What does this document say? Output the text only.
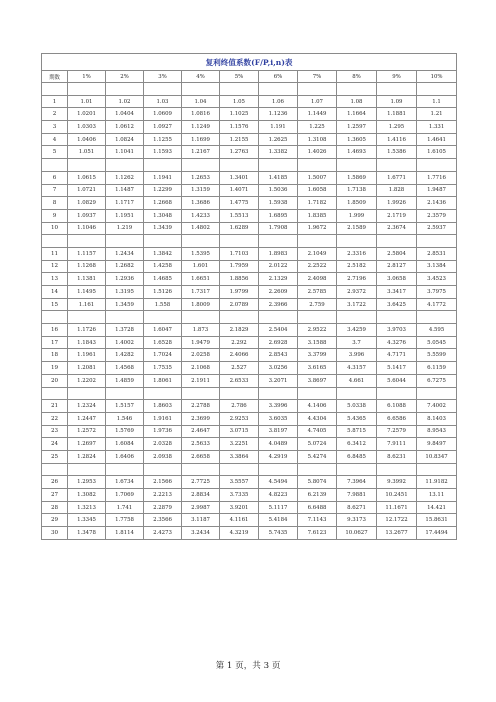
复利终值系数(F/P,i,n)表										
期数	1%	2%	3%	4%	5%	6%	7%	8%	9%	10%

1	1.01	1.02	1.03	1.04	1.05	1.06	1.07	1.08	1.09	1.1
2	1.0201	1.0404	1.0609	1.0816	1.1025	1.1236	1.1449	1.1664	1.1881	1.21
3	1.0303	1.0612	1.0927	1.1249	1.1576	1.191	1.225	1.2597	1.295	1.331
4	1.0406	1.0824	1.1255	1.1699	1.2155	1.2625	1.3108	1.3605	1.4116	1.4641
5	1.051	1.1041	1.1593	1.2167	1.2763	1.3382	1.4026	1.4693	1.5386	1.6105

6	1.0615	1.1262	1.1941	1.2653	1.3401	1.4185	1.5007	1.5869	1.6771	1.7716
7	1.0721	1.1487	1.2299	1.3159	1.4071	1.5036	1.6058	1.7138	1.828	1.9487
8	1.0829	1.1717	1.2668	1.3686	1.4775	1.5938	1.7182	1.8509	1.9926	2.1436
9	1.0937	1.1951	1.3048	1.4233	1.5513	1.6895	1.8385	1.999	2.1719	2.3579
10	1.1046	1.219	1.3439	1.4802	1.6289	1.7908	1.9672	2.1589	2.3674	2.5937

11	1.1157	1.2434	1.3842	1.5395	1.7103	1.8983	2.1049	2.3316	2.5804	2.8531
12	1.1268	1.2682	1.4258	1.601	1.7959	2.0122	2.2522	2.5182	2.8127	3.1384
13	1.1381	1.2936	1.4685	1.6651	1.8856	2.1329	2.4098	2.7196	3.0658	3.4523
14	1.1495	1.3195	1.5126	1.7317	1.9799	2.2609	2.5785	2.9372	3.3417	3.7975
15	1.161	1.3459	1.558	1.8009	2.0789	2.3966	2.759	3.1722	3.6425	4.1772

16	1.1726	1.3728	1.6047	1.873	2.1829	2.5404	2.9522	3.4259	3.9703	4.595
17	1.1843	1.4002	1.6528	1.9479	2.292	2.6928	3.1588	3.7	4.3276	5.0545
18	1.1961	1.4282	1.7024	2.0258	2.4066	2.8543	3.3799	3.996	4.7171	5.5599
19	1.2081	1.4568	1.7535	2.1068	2.527	3.0256	3.6165	4.3157	5.1417	6.1159
20	1.2202	1.4859	1.8061	2.1911	2.6533	3.2071	3.8697	4.661	5.6044	6.7275

21	1.2324	1.5157	1.8603	2.2788	2.786	3.3996	4.1406	5.0338	6.1088	7.4002
22	1.2447	1.546	1.9161	2.3699	2.9253	3.6035	4.4304	5.4365	6.6586	8.1403
23	1.2572	1.5769	1.9736	2.4647	3.0715	3.8197	4.7405	5.8715	7.2579	8.9543
24	1.2697	1.6084	2.0328	2.5633	3.2251	4.0489	5.0724	6.3412	7.9111	9.8497
25	1.2824	1.6406	2.0938	2.6658	3.3864	4.2919	5.4274	6.8485	8.6231	10.8347

26	1.2953	1.6734	2.1566	2.7725	3.5557	4.5494	5.8074	7.3964	9.3992	11.9182
27	1.3082	1.7069	2.2213	2.8834	3.7335	4.8223	6.2139	7.9881	10.2451	13.11
28	1.3213	1.741	2.2879	2.9987	3.9201	5.1117	6.6488	8.6271	11.1671	14.421
29	1.3345	1.7758	2.3566	3.1187	4.1161	5.4184	7.1143	9.3173	12.1722	15.8631
30	1.3478	1.8114	2.4273	3.2434	4.3219	5.7435	7.6123	10.0627	13.2677	17.4494
第 1 页，共 3 页
